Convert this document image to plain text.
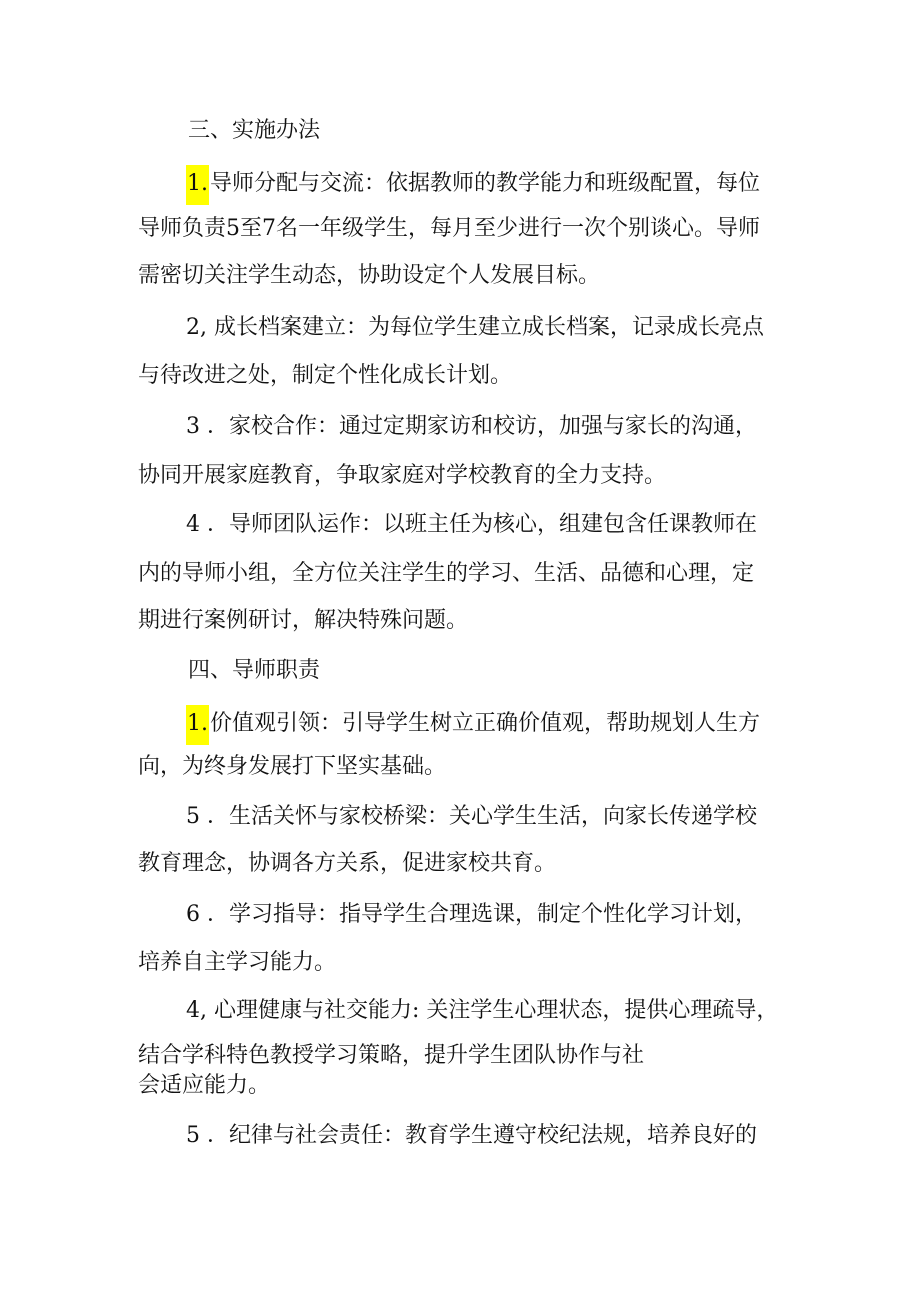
三、实施办法

1.导师分配与交流：依据教师的教学能力和班级配置，每位

导师负责5至7名一年级学生，每月至少进行一次个别谈心。导师

需密切关注学生动态，协助设定个人发展目标。

2, 成长档案建立：为每位学生建立成长档案，记录成长亮点

与待改进之处，制定个性化成长计划。

3 ．家校合作：通过定期家访和校访，加强与家长的沟通，

协同开展家庭教育，争取家庭对学校教育的全力支持。

4 ．导师团队运作：以班主任为核心，组建包含任课教师在

内的导师小组，全方位关注学生的学习、生活、品德和心理，定

期进行案例研讨，解决特殊问题。

四、导师职责

1.价值观引领：引导学生树立正确价值观，帮助规划人生方

向，为终身发展打下坚实基础。

5 ．生活关怀与家校桥梁：关心学生生活，向家长传递学校

教育理念，协调各方关系，促进家校共育。

6 ．学习指导：指导学生合理选课，制定个性化学习计划，

培养自主学习能力。

4, 心理健康与社交能力: 关注学生心理状态，提供心理疏导，

结合学科特色教授学习策略，提升学生团队协作与社

会适应能力。

5 ．纪律与社会责任：教育学生遵守校纪法规，培养良好的
